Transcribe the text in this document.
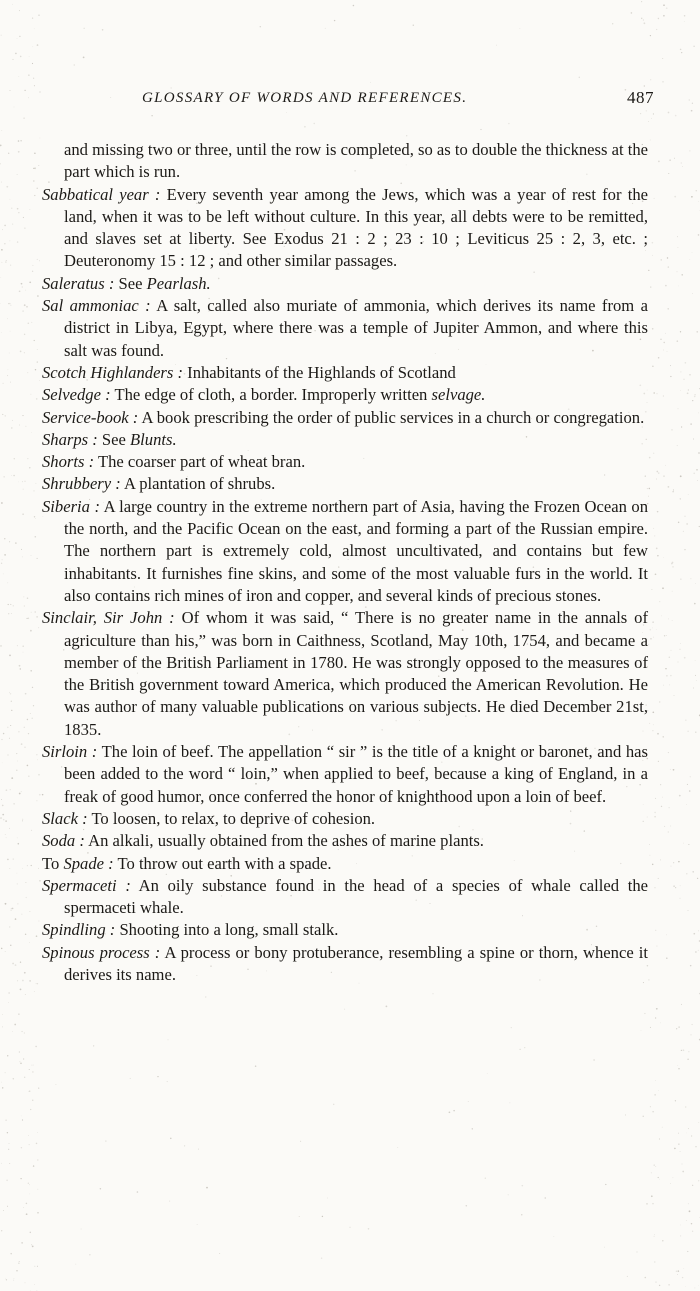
GLOSSARY OF WORDS AND REFERENCES.	487

and missing two or three, until the row is completed, so as to double the thickness at the part which is run.

Sabbatical year : Every seventh year among the Jews, which was a year of rest for the land, when it was to be left without culture. In this year, all debts were to be remitted, and slaves set at liberty. See Exodus 21 : 2 ; 23 : 10 ; Leviticus 25 : 2, 3, etc. ; Deuteronomy 15 : 12 ; and other similar passages.

Saleratus : See Pearlash.

Sal ammoniac : A salt, called also muriate of ammonia, which derives its name from a district in Libya, Egypt, where there was a temple of Jupiter Ammon, and where this salt was found.

Scotch Highlanders : Inhabitants of the Highlands of Scotland

Selvedge : The edge of cloth, a border. Improperly written selvage.

Service-book : A book prescribing the order of public services in a church or congregation.

Sharps : See Blunts.

Shorts : The coarser part of wheat bran.

Shrubbery : A plantation of shrubs.

Siberia : A large country in the extreme northern part of Asia, having the Frozen Ocean on the north, and the Pacific Ocean on the east, and forming a part of the Russian empire. The northern part is extremely cold, almost uncultivated, and contains but few inhabitants. It furnishes fine skins, and some of the most valuable furs in the world. It also contains rich mines of iron and copper, and several kinds of precious stones.

Sinclair, Sir John : Of whom it was said, “ There is no greater name in the annals of agriculture than his,” was born in Caithness, Scotland, May 10th, 1754, and became a member of the British Parliament in 1780. He was strongly opposed to the measures of the British government toward America, which produced the American Revolution. He was author of many valuable publications on various subjects. He died December 21st, 1835.

Sirloin : The loin of beef. The appellation “ sir ” is the title of a knight or baronet, and has been added to the word “ loin,” when applied to beef, because a king of England, in a freak of good humor, once conferred the honor of knighthood upon a loin of beef.

Slack : To loosen, to relax, to deprive of cohesion.

Soda : An alkali, usually obtained from the ashes of marine plants.

To Spade : To throw out earth with a spade.

Spermaceti : An oily substance found in the head of a species of whale called the spermaceti whale.

Spindling : Shooting into a long, small stalk.

Spinous process : A process or bony protuberance, resembling a spine or thorn, whence it derives its name.
